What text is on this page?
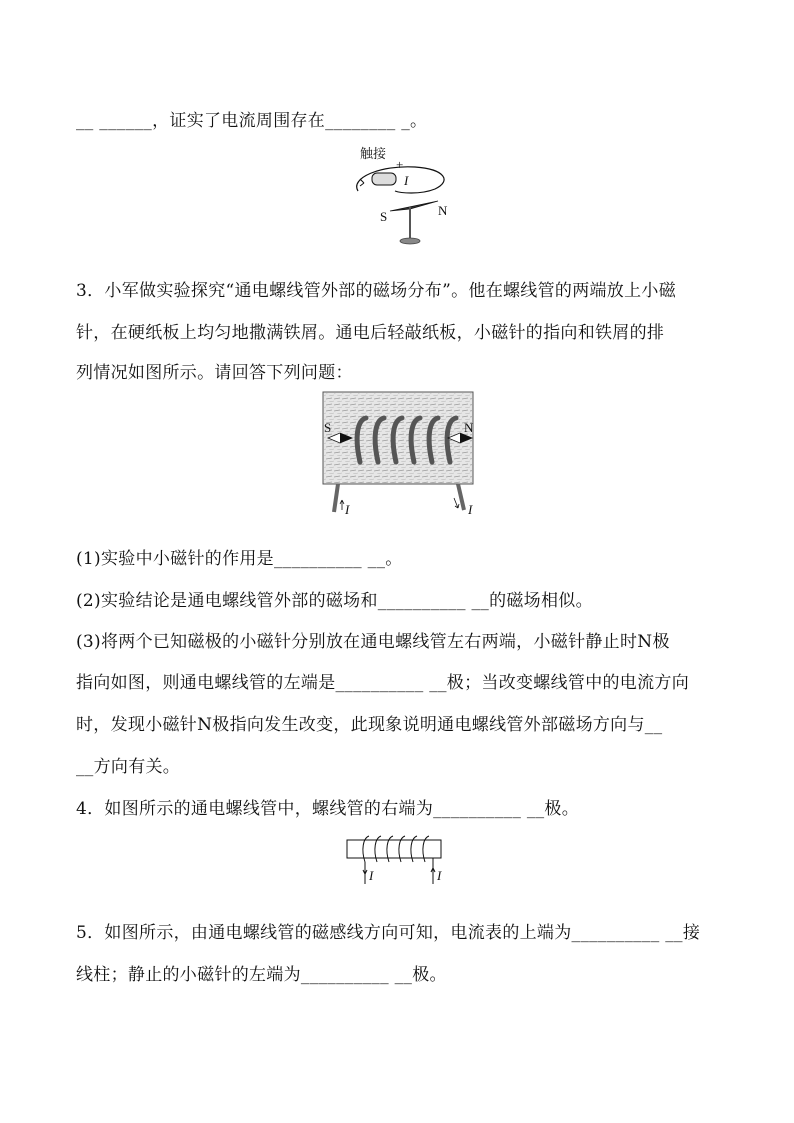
__ ______，证实了电流周围存在________ _。
触接
+
I
S	N
3．小军做实验探究“通电螺线管外部的磁场分布”。他在螺线管的两端放上小磁
针，在硬纸板上均匀地撒满铁屑。通电后轻敲纸板，小磁针的指向和铁屑的排
列情况如图所示。请回答下列问题：
S	N
I	I
(1)实验中小磁针的作用是__________ __。
(2)实验结论是通电螺线管外部的磁场和__________ __的磁场相似。
(3)将两个已知磁极的小磁针分别放在通电螺线管左右两端，小磁针静止时N极
指向如图，则通电螺线管的左端是__________ __极；当改变螺线管中的电流方向
时，发现小磁针N极指向发生改变，此现象说明通电螺线管外部磁场方向与__
__方向有关。
4．如图所示的通电螺线管中，螺线管的右端为__________ __极。
I	I
5．如图所示，由通电螺线管的磁感线方向可知，电流表的上端为__________ __接
线柱；静止的小磁针的左端为__________ __极。
